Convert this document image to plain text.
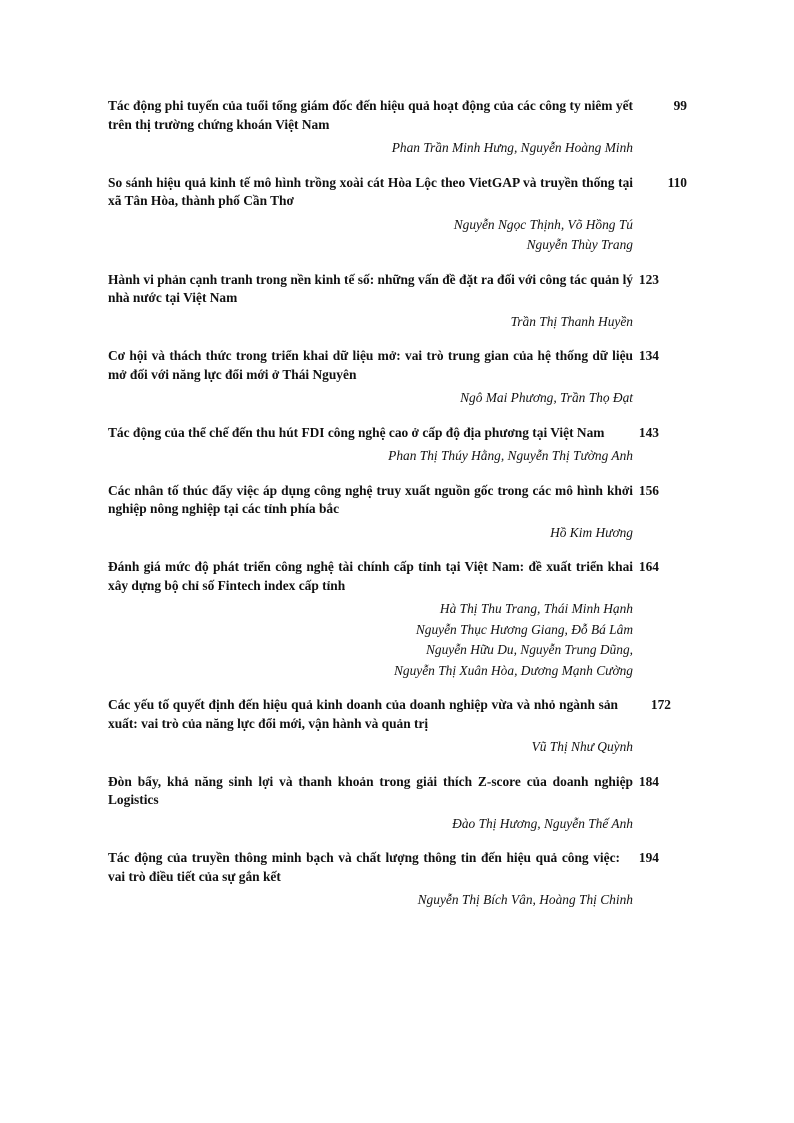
Tác động phi tuyến của tuổi tổng giám đốc đến hiệu quả hoạt động của các công ty niêm yết trên thị trường chứng khoán Việt Nam

99
Phan Trần Minh Hưng, Nguyễn Hoàng Minh

So sánh hiệu quả kinh tế mô hình trồng xoài cát Hòa Lộc theo VietGAP và truyền thống tại xã Tân Hòa, thành phố Cần Thơ

110
Nguyễn Ngọc Thịnh, Võ Hồng Tú
Nguyễn Thùy Trang

Hành vi phản cạnh tranh trong nền kinh tế số: những vấn đề đặt ra đối với công tác quản lý nhà nước tại Việt Nam

123
Trần Thị Thanh Huyền

Cơ hội và thách thức trong triển khai dữ liệu mở: vai trò trung gian của hệ thống dữ liệu mở đối với năng lực đổi mới ở Thái Nguyên

134
Ngô Mai Phương, Trần Thọ Đạt

Tác động của thể chế đến thu hút FDI công nghệ cao ở cấp độ địa phương tại Việt Nam	143
Phan Thị Thúy Hằng, Nguyễn Thị Tường Anh

Các nhân tố thúc đẩy việc áp dụng công nghệ truy xuất nguồn gốc trong các mô hình khởi nghiệp nông nghiệp tại các tỉnh phía bắc

156
Hồ Kim Hương

Đánh giá mức độ phát triển công nghệ tài chính cấp tỉnh tại Việt Nam: đề xuất triển khai xây dựng bộ chỉ số Fintech index cấp tỉnh

164
Hà Thị Thu Trang, Thái Minh Hạnh
Nguyễn Thục Hương Giang, Đỗ Bá Lâm
Nguyễn Hữu Du, Nguyễn Trung Dũng,
Nguyễn Thị Xuân Hòa, Dương Mạnh Cường

Các yếu tố quyết định đến hiệu quả kinh doanh của doanh nghiệp vừa và nhỏ ngành sản xuất: vai trò của năng lực đổi mới, vận hành và quản trị

172
Vũ Thị Như Quỳnh

Đòn bẩy, khả năng sinh lợi và thanh khoản trong giải thích Z-score của doanh nghiệp Logistics

184
Đào Thị Hương, Nguyễn Thế Anh

Tác động của truyền thông minh bạch và chất lượng thông tin đến hiệu quả công việc: vai trò điều tiết của sự gắn kết

194
Nguyễn Thị Bích Vân, Hoàng Thị Chinh
